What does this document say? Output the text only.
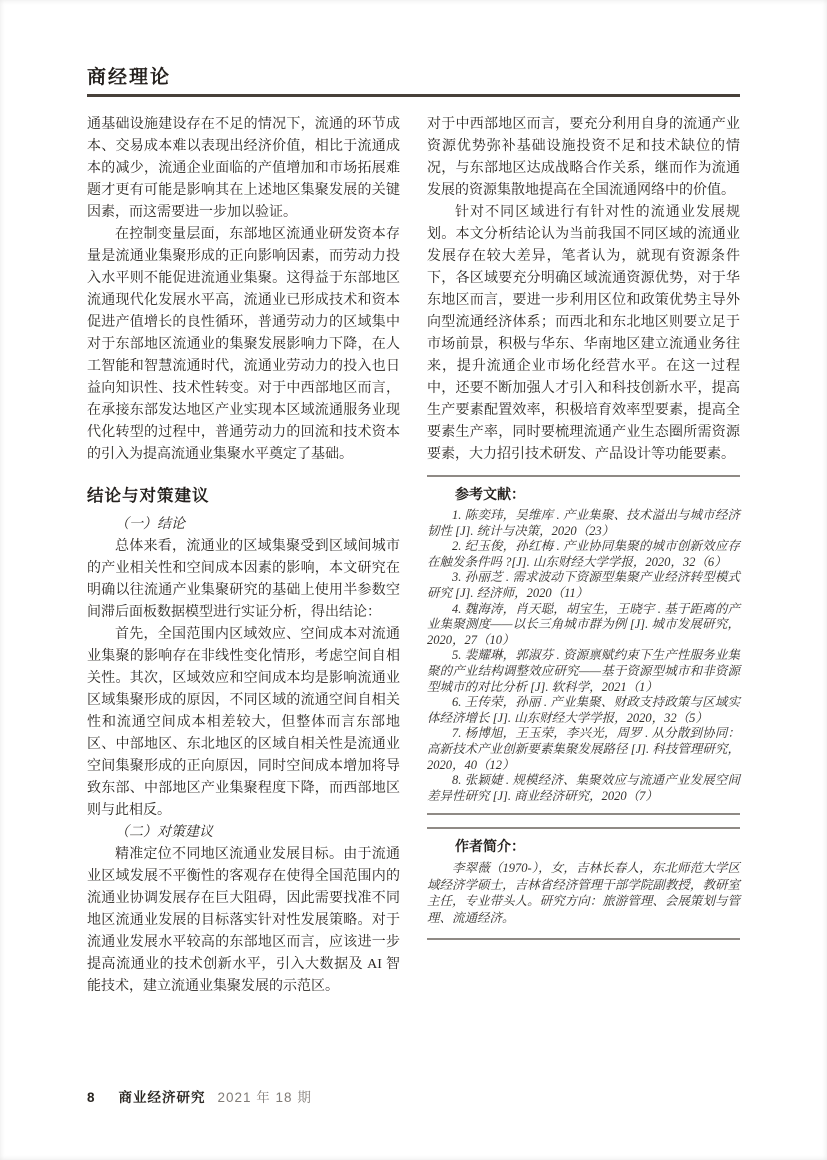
商经理论

通基础设施建设存在不足的情况下，流通的环节成本、交易成本难以表现出经济价值，相比于流通成本的减少，流通企业面临的产值增加和市场拓展难题才更有可能是影响其在上述地区集聚发展的关键因素，而这需要进一步加以验证。

在控制变量层面，东部地区流通业研发资本存量是流通业集聚形成的正向影响因素，而劳动力投入水平则不能促进流通业集聚。这得益于东部地区流通现代化发展水平高，流通业已形成技术和资本促进产值增长的良性循环，普通劳动力的区域集中对于东部地区流通业的集聚发展影响力下降，在人工智能和智慧流通时代，流通业劳动力的投入也日益向知识性、技术性转变。对于中西部地区而言，在承接东部发达地区产业实现本区域流通服务业现代化转型的过程中，普通劳动力的回流和技术资本的引入为提高流通业集聚水平奠定了基础。

结论与对策建议

（一）结论

总体来看，流通业的区域集聚受到区域间城市的产业相关性和空间成本因素的影响，本文研究在明确以往流通产业集聚研究的基础上使用半参数空间滞后面板数据模型进行实证分析，得出结论：

首先，全国范围内区域效应、空间成本对流通业集聚的影响存在非线性变化情形，考虑空间自相关性。其次，区域效应和空间成本均是影响流通业区域集聚形成的原因，不同区域的流通空间自相关性和流通空间成本相差较大，但整体而言东部地区、中部地区、东北地区的区域自相关性是流通业空间集聚形成的正向原因，同时空间成本增加将导致东部、中部地区产业集聚程度下降，而西部地区则与此相反。

（二）对策建议

精准定位不同地区流通业发展目标。由于流通业区域发展不平衡性的客观存在使得全国范围内的流通业协调发展存在巨大阻碍，因此需要找准不同地区流通业发展的目标落实针对性发展策略。对于流通业发展水平较高的东部地区而言，应该进一步提高流通业的技术创新水平，引入大数据及 AI 智能技术，建立流通业集聚发展的示范区。

对于中西部地区而言，要充分利用自身的流通产业资源优势弥补基础设施投资不足和技术缺位的情况，与东部地区达成战略合作关系，继而作为流通发展的资源集散地提高在全国流通网络中的价值。

针对不同区域进行有针对性的流通业发展规划。本文分析结论认为当前我国不同区域的流通业发展存在较大差异，笔者认为，就现有资源条件下，各区域要充分明确区域流通资源优势，对于华东地区而言，要进一步利用区位和政策优势主导外向型流通经济体系；而西北和东北地区则要立足于市场前景，积极与华东、华南地区建立流通业务往来，提升流通企业市场化经营水平。在这一过程中，还要不断加强人才引入和科技创新水平，提高生产要素配置效率，积极培育效率型要素，提高全要素生产率，同时要梳理流通产业生态圈所需资源要素，大力招引技术研发、产品设计等功能要素。

参考文献：

1. 陈奕玮，吴维库 . 产业集聚、技术溢出与城市经济韧性 [J]. 统计与决策，2020（23）

2. 纪玉俊，孙红梅 . 产业协同集聚的城市创新效应存在触发条件吗 ?[J]. 山东财经大学学报，2020，32（6）

3. 孙丽芝 . 需求波动下资源型集聚产业经济转型模式研究 [J]. 经济师，2020（11）

4. 魏海涛，肖天聪，胡宝生，王晓宇 . 基于距离的产业集聚测度——以长三角城市群为例 [J]. 城市发展研究，2020，27（10）

5. 裴耀琳，郭淑芬 . 资源禀赋约束下生产性服务业集聚的产业结构调整效应研究——基于资源型城市和非资源型城市的对比分析 [J]. 软科学，2021（1）

6. 王传荣，孙丽 . 产业集聚、财政支持政策与区域实体经济增长 [J]. 山东财经大学学报，2020，32（5）

7. 杨博旭，王玉荣，李兴光，周罗 . 从分散到协同：高新技术产业创新要素集聚发展路径 [J]. 科技管理研究，2020，40（12）

8. 张颖婕 . 规模经济、集聚效应与流通产业发展空间差异性研究 [J]. 商业经济研究，2020（7）

作者简介：

李翠薇（1970-），女，吉林长春人，东北师范大学区域经济学硕士，吉林省经济管理干部学院副教授，教研室主任，专业带头人。研究方向：旅游管理、会展策划与管理、流通经济。

8 商业经济研究 2021 年 18 期
